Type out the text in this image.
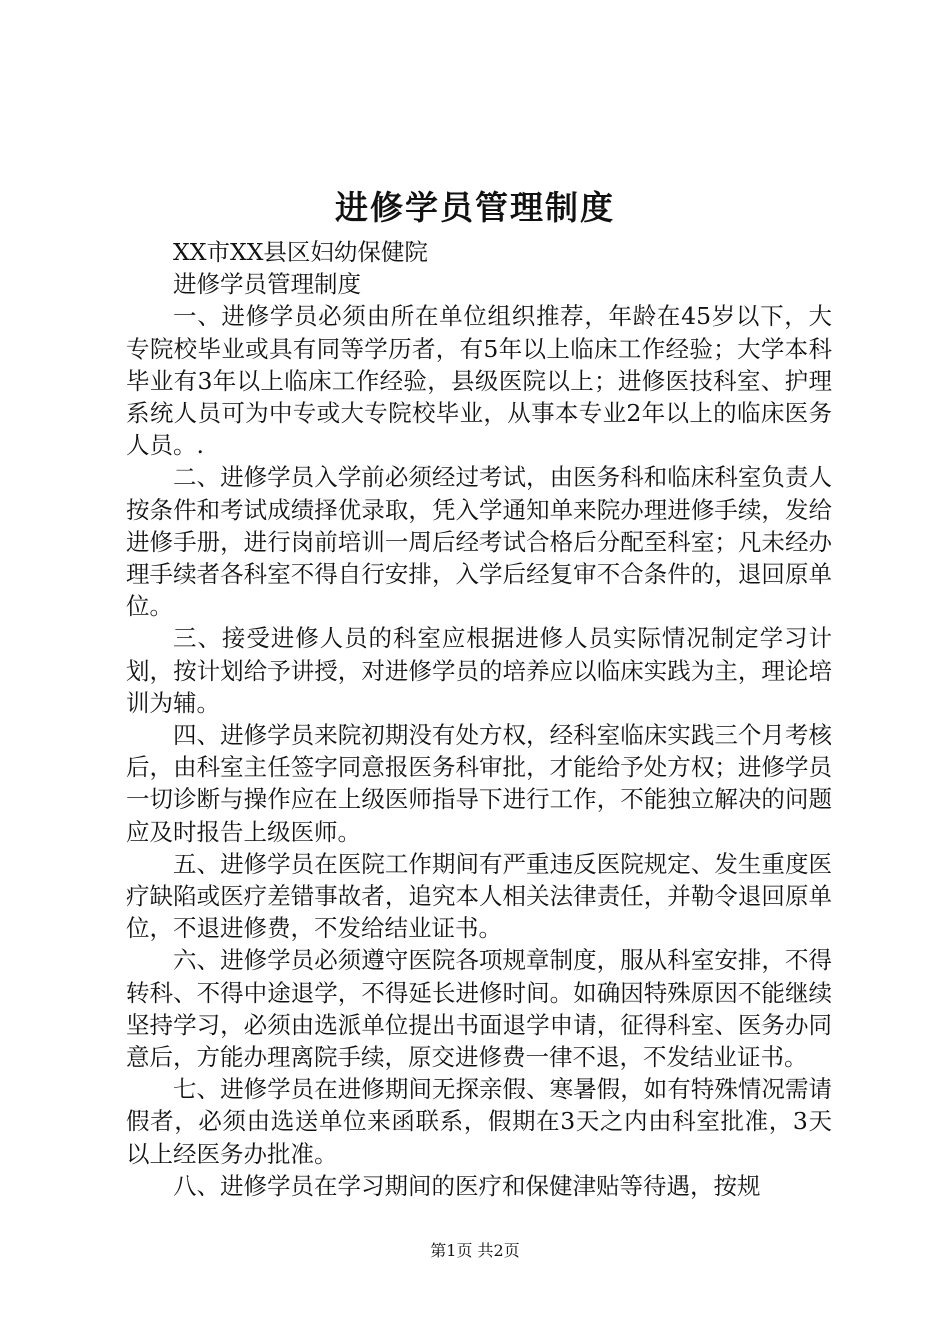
进修学员管理制度

XX市XX县区妇幼保健院

进修学员管理制度

一、进修学员必须由所在单位组织推荐，年龄在45岁以下，大专院校毕业或具有同等学历者，有5年以上临床工作经验；大学本科毕业有3年以上临床工作经验，县级医院以上；进修医技科室、护理系统人员可为中专或大专院校毕业，从事本专业2年以上的临床医务人员。.

二、进修学员入学前必须经过考试，由医务科和临床科室负责人按条件和考试成绩择优录取，凭入学通知单来院办理进修手续，发给进修手册，进行岗前培训一周后经考试合格后分配至科室；凡未经办理手续者各科室不得自行安排，入学后经复审不合条件的，退回原单位。

三、接受进修人员的科室应根据进修人员实际情况制定学习计划，按计划给予讲授，对进修学员的培养应以临床实践为主，理论培训为辅。

四、进修学员来院初期没有处方权，经科室临床实践三个月考核后，由科室主任签字同意报医务科审批，才能给予处方权；进修学员一切诊断与操作应在上级医师指导下进行工作，不能独立解决的问题应及时报告上级医师。

五、进修学员在医院工作期间有严重违反医院规定、发生重度医疗缺陷或医疗差错事故者，追究本人相关法律责任，并勒令退回原单位，不退进修费，不发给结业证书。

六、进修学员必须遵守医院各项规章制度，服从科室安排，不得转科、不得中途退学，不得延长进修时间。如确因特殊原因不能继续坚持学习，必须由选派单位提出书面退学申请，征得科室、医务办同意后，方能办理离院手续，原交进修费一律不退，不发结业证书。

七、进修学员在进修期间无探亲假、寒暑假，如有特殊情况需请假者，必须由选送单位来函联系，假期在3天之内由科室批准，3天以上经医务办批准。

八、进修学员在学习期间的医疗和保健津贴等待遇，按规

第1页 共2页
